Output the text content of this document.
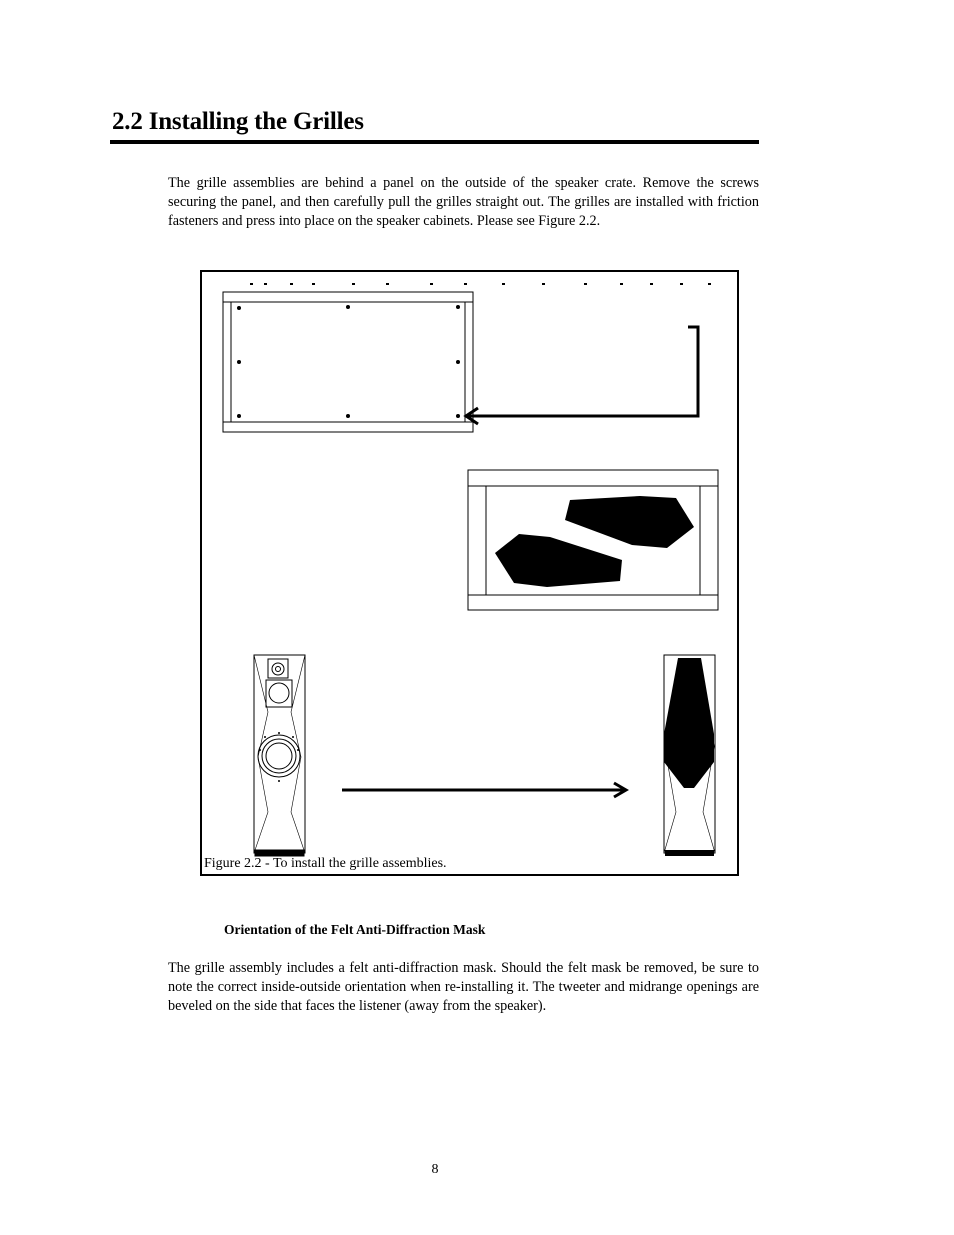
2.2 Installing the Grilles

The grille assemblies are behind a panel on the outside of the speaker crate. Remove the screws securing the panel, and then carefully pull the grilles straight out. The grilles are installed with friction fasteners and press into place on the speaker cabinets. Please see Figure 2.2.

Figure 2.2 - To install the grille assemblies.

Orientation of the Felt Anti-Diffraction Mask

The grille assembly includes a felt anti-diffraction mask. Should the felt mask be removed, be sure to note the correct inside-outside orientation when re-installing it. The tweeter and midrange openings are beveled on the side that faces the listener (away from the speaker).

8
